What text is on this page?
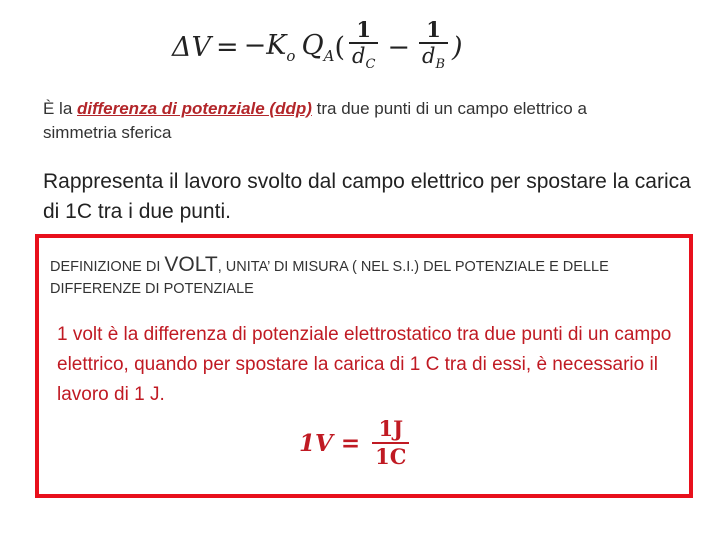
$\Delta V = -K_o$ $Q_A$ ( $\frac{1}{d_C} - \frac{1}{d_B}$ )
È la differenza di potenziale (ddp) tra due punti di un campo elettrico a simmetria sferica
Rappresenta il lavoro svolto dal campo elettrico per spostare la carica di 1C tra i due punti.
DEFINIZIONE DI VOLT, UNITA’ DI MISURA ( NEL S.I.) DEL POTENZIALE E DELLE DIFFERENZE DI POTENZIALE
1 volt è la differenza di potenziale elettrostatico tra due punti di un campo elettrico, quando per spostare la carica di 1 C tra di essi, è necessario il lavoro di 1 J.
$1V = \frac{1J}{1C}$
